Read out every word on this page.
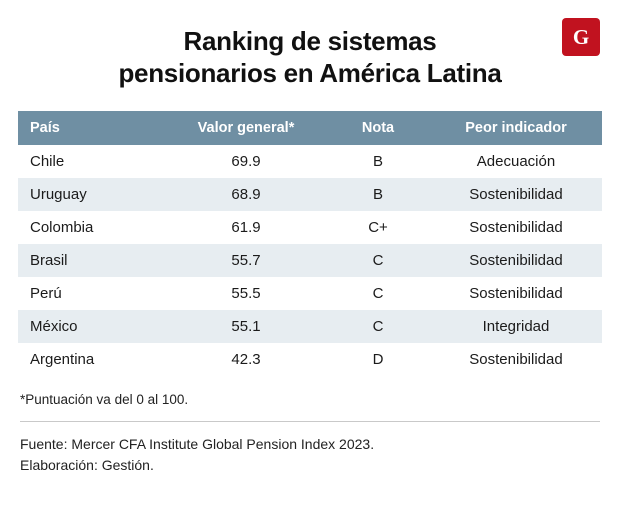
G
Ranking de sistemas
pensionarios en América Latina
País	Valor general*	Nota	Peor indicador
Chile	69.9	B	Adecuación
Uruguay	68.9	B	Sostenibilidad
Colombia	61.9	C+	Sostenibilidad
Brasil	55.7	C	Sostenibilidad
Perú	55.5	C	Sostenibilidad
México	55.1	C	Integridad
Argentina	42.3	D	Sostenibilidad
*Puntuación va del 0 al 100.
Fuente: Mercer CFA Institute Global Pension Index 2023.
Elaboración: Gestión.
